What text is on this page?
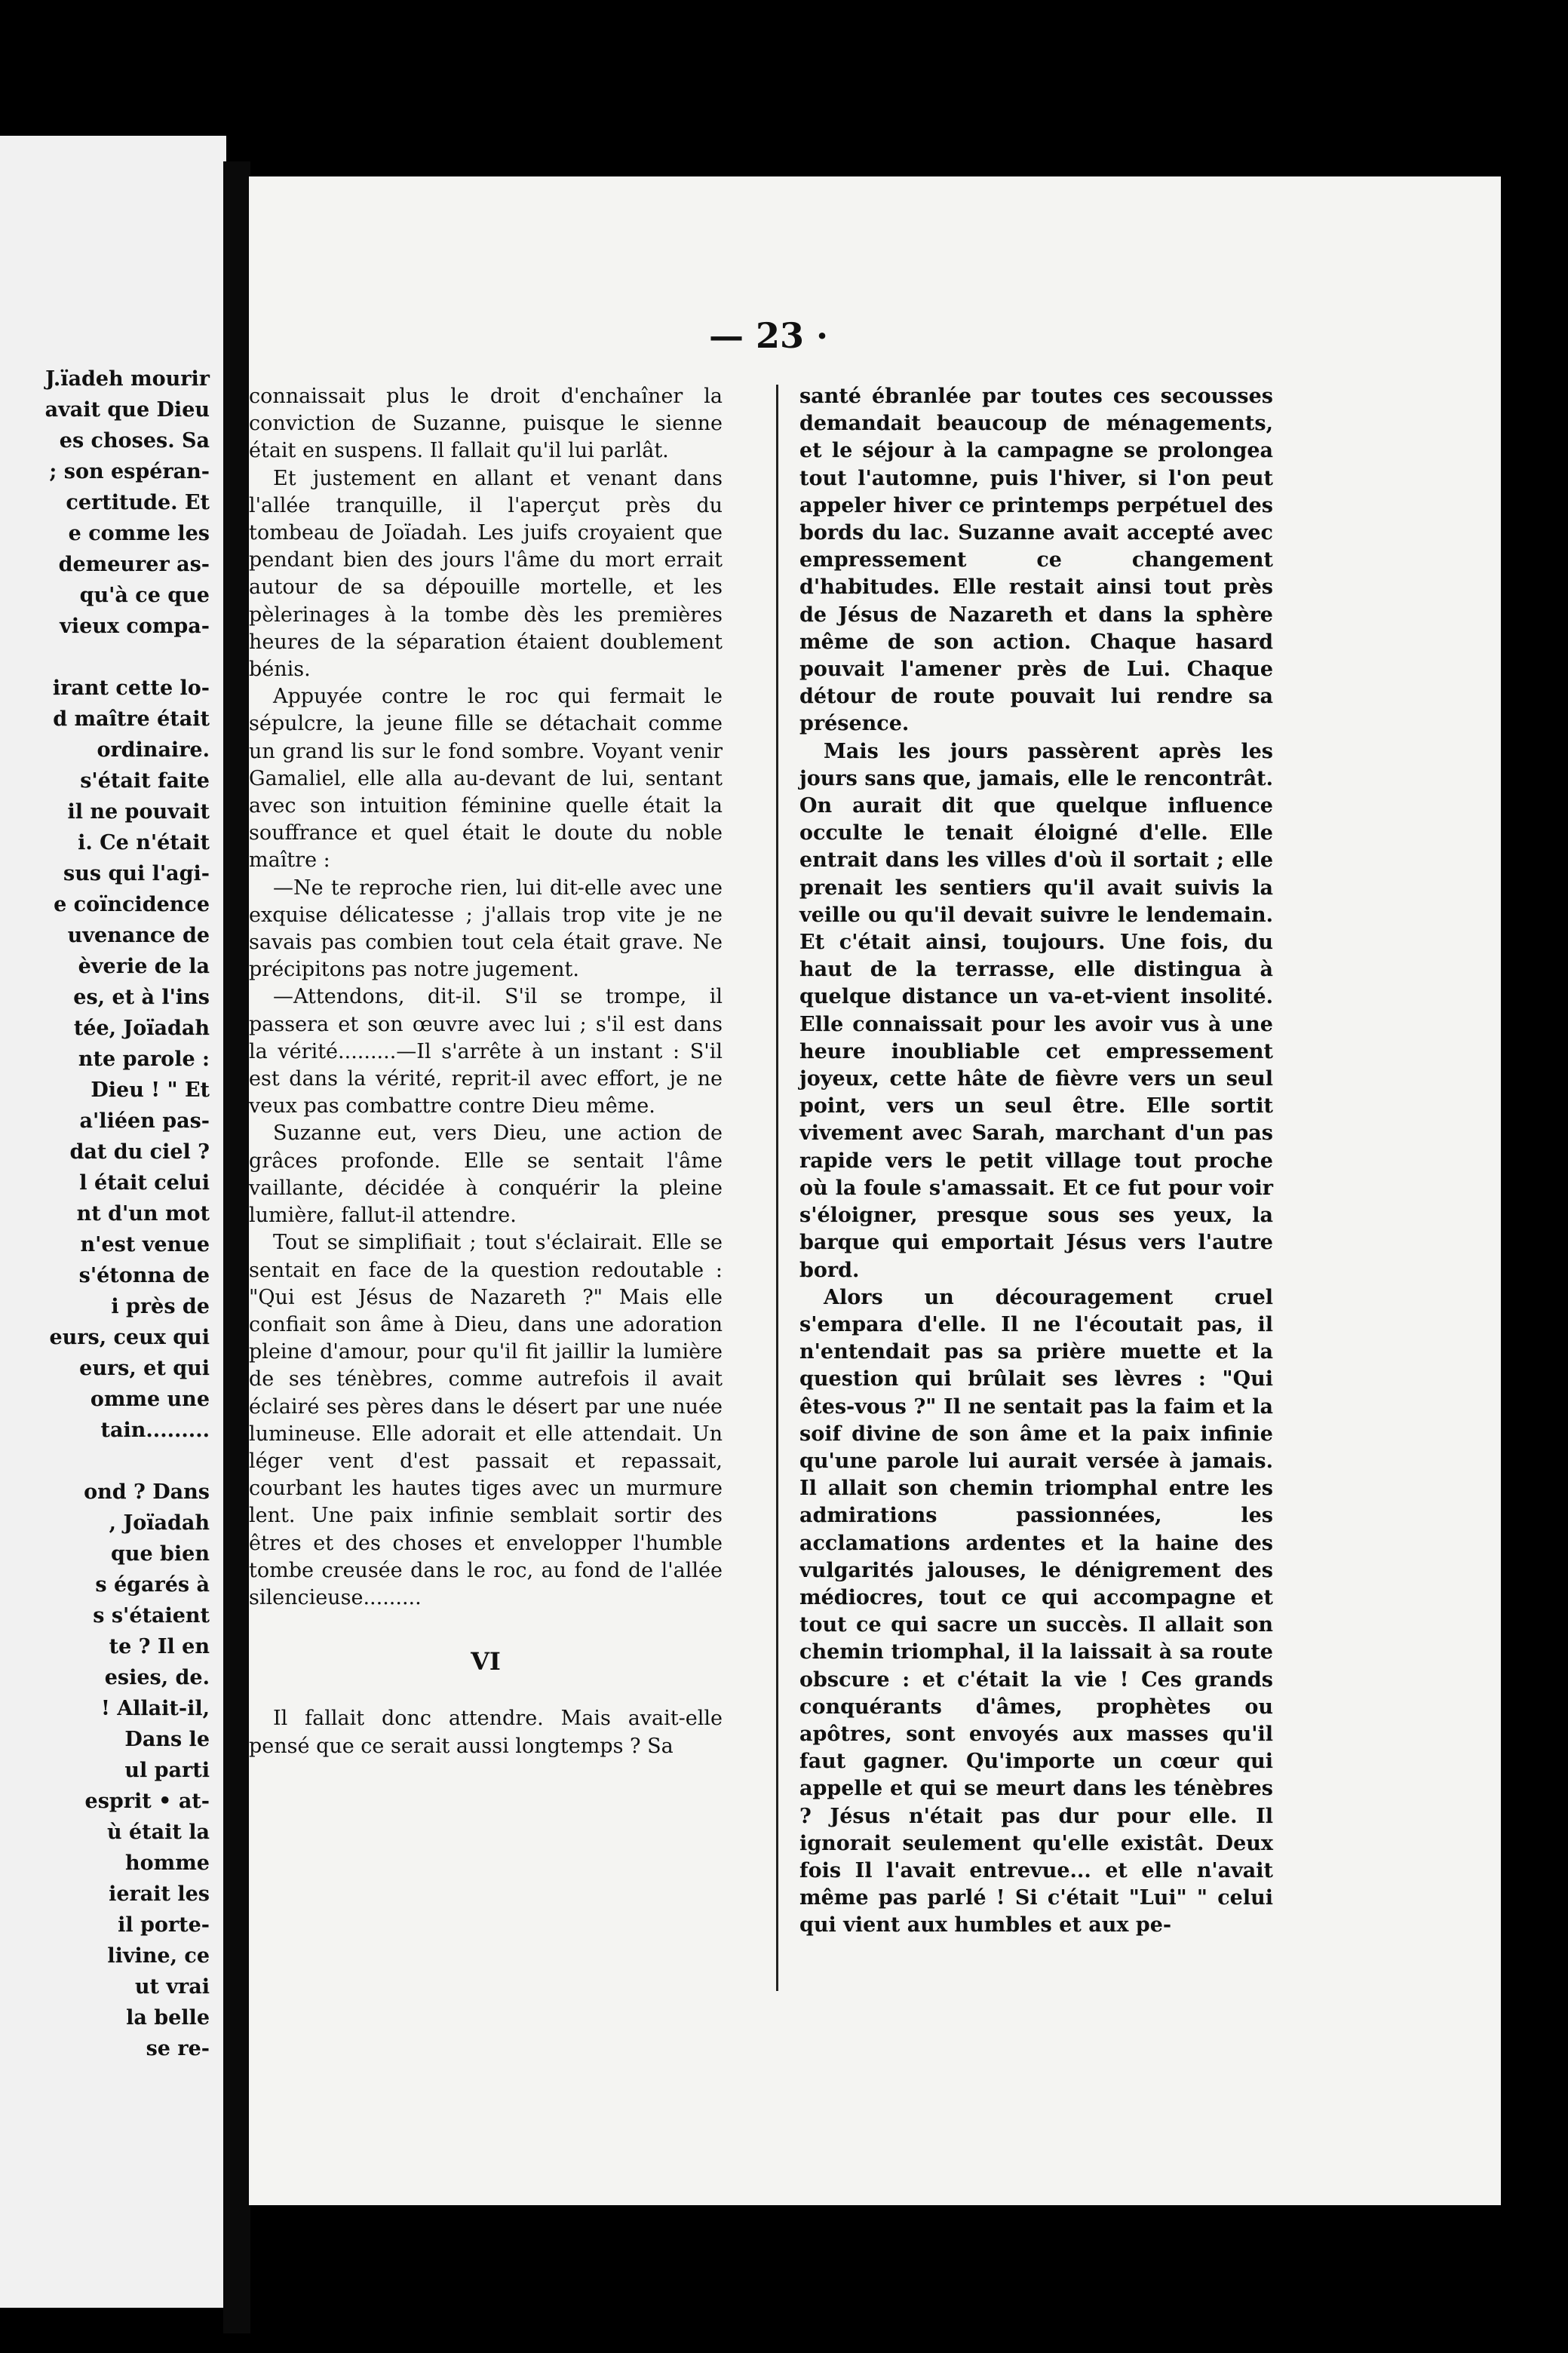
J.ïadeh mourir
avait que Dieu
es choses. Sa
; son espéran-
certitude. Et
e comme les
demeurer as-
qu'à ce que
vieux compa-

irant cette lo-
d maître était
ordinaire.
s'était faite
il ne pouvait
i. Ce n'était
sus qui l'agi-
e coïncidence
uvenance de
èverie de la
es, et à l'ins
tée, Joïadah
nte parole :
Dieu ! " Et
a'liéen pas-
dat du ciel ?
l était celui
nt d'un mot
n'est venue
s'étonna de
i près de
eurs, ceux qui
eurs, et qui
omme une
tain.........

ond ? Dans
, Joïadah
que bien
s égarés à
s s'étaient
te ? Il en
esies, de.
! Allait-il,
Dans le
ul parti
esprit • at-
ù était la
homme
ierait les
il porte-
livine, ce
ut vrai
la belle
se re-
— 23 ·

connaissait plus le droit d'enchaîner la conviction de Suzanne, puisque le sienne était en suspens. Il fallait qu'il lui parlât.

Et justement en allant et venant dans l'allée tranquille, il l'aperçut près du tombeau de Joïadah. Les juifs croyaient que pendant bien des jours l'âme du mort errait autour de sa dépouille mortelle, et les pèlerinages à la tombe dès les premières heures de la séparation étaient doublement bénis.

Appuyée contre le roc qui fermait le sépulcre, la jeune fille se détachait comme un grand lis sur le fond sombre. Voyant venir Gamaliel, elle alla au-devant de lui, sentant avec son intuition féminine quelle était la souffrance et quel était le doute du noble maître :

—Ne te reproche rien, lui dit-elle avec une exquise délicatesse ; j'allais trop vite je ne savais pas combien tout cela était grave. Ne précipitons pas notre jugement.

—Attendons, dit-il. S'il se trompe, il passera et son œuvre avec lui ; s'il est dans la vérité.........—Il s'arrête à un instant : S'il est dans la vérité, reprit-il avec effort, je ne veux pas combattre contre Dieu même.

Suzanne eut, vers Dieu, une action de grâces profonde. Elle se sentait l'âme vaillante, décidée à conquérir la pleine lumière, fallut-il attendre.

Tout se simplifiait ; tout s'éclairait. Elle se sentait en face de la question redoutable : "Qui est Jésus de Nazareth ?" Mais elle confiait son âme à Dieu, dans une adoration pleine d'amour, pour qu'il fit jaillir la lumière de ses ténèbres, comme autrefois il avait éclairé ses pères dans le désert par une nuée lumineuse. Elle adorait et elle attendait. Un léger vent d'est passait et repassait, courbant les hautes tiges avec un murmure lent. Une paix infinie semblait sortir des êtres et des choses et envelopper l'humble tombe creusée dans le roc, au fond de l'allée silencieuse.........

VI

Il fallait donc attendre. Mais avait-elle pensé que ce serait aussi longtemps ? Sa

santé ébranlée par toutes ces secousses demandait beaucoup de ménagements, et le séjour à la campagne se prolongea tout l'automne, puis l'hiver, si l'on peut appeler hiver ce printemps perpétuel des bords du lac. Suzanne avait accepté avec empressement ce changement d'habitudes. Elle restait ainsi tout près de Jésus de Nazareth et dans la sphère même de son action. Chaque hasard pouvait l'amener près de Lui. Chaque détour de route pouvait lui rendre sa présence.

Mais les jours passèrent après les jours sans que, jamais, elle le rencontrât. On aurait dit que quelque influence occulte le tenait éloigné d'elle. Elle entrait dans les villes d'où il sortait ; elle prenait les sentiers qu'il avait suivis la veille ou qu'il devait suivre le lendemain. Et c'était ainsi, toujours. Une fois, du haut de la terrasse, elle distingua à quelque distance un va-et-vient insolité. Elle connaissait pour les avoir vus à une heure inoubliable cet empressement joyeux, cette hâte de fièvre vers un seul point, vers un seul être. Elle sortit vivement avec Sarah, marchant d'un pas rapide vers le petit village tout proche où la foule s'amassait. Et ce fut pour voir s'éloigner, presque sous ses yeux, la barque qui emportait Jésus vers l'autre bord.

Alors un découragement cruel s'empara d'elle. Il ne l'écoutait pas, il n'entendait pas sa prière muette et la question qui brûlait ses lèvres : "Qui êtes-vous ?" Il ne sentait pas la faim et la soif divine de son âme et la paix infinie qu'une parole lui aurait versée à jamais. Il allait son chemin triomphal entre les admirations passionnées, les acclamations ardentes et la haine des vulgarités jalouses, le dénigrement des médiocres, tout ce qui accompagne et tout ce qui sacre un succès. Il allait son chemin triomphal, il la laissait à sa route obscure : et c'était la vie ! Ces grands conquérants d'âmes, prophètes ou apôtres, sont envoyés aux masses qu'il faut gagner. Qu'importe un cœur qui appelle et qui se meurt dans les ténèbres ? Jésus n'était pas dur pour elle. Il ignorait seulement qu'elle existât. Deux fois Il l'avait entrevue... et elle n'avait même pas parlé ! Si c'était "Lui" " celui qui vient aux humbles et aux pe-
